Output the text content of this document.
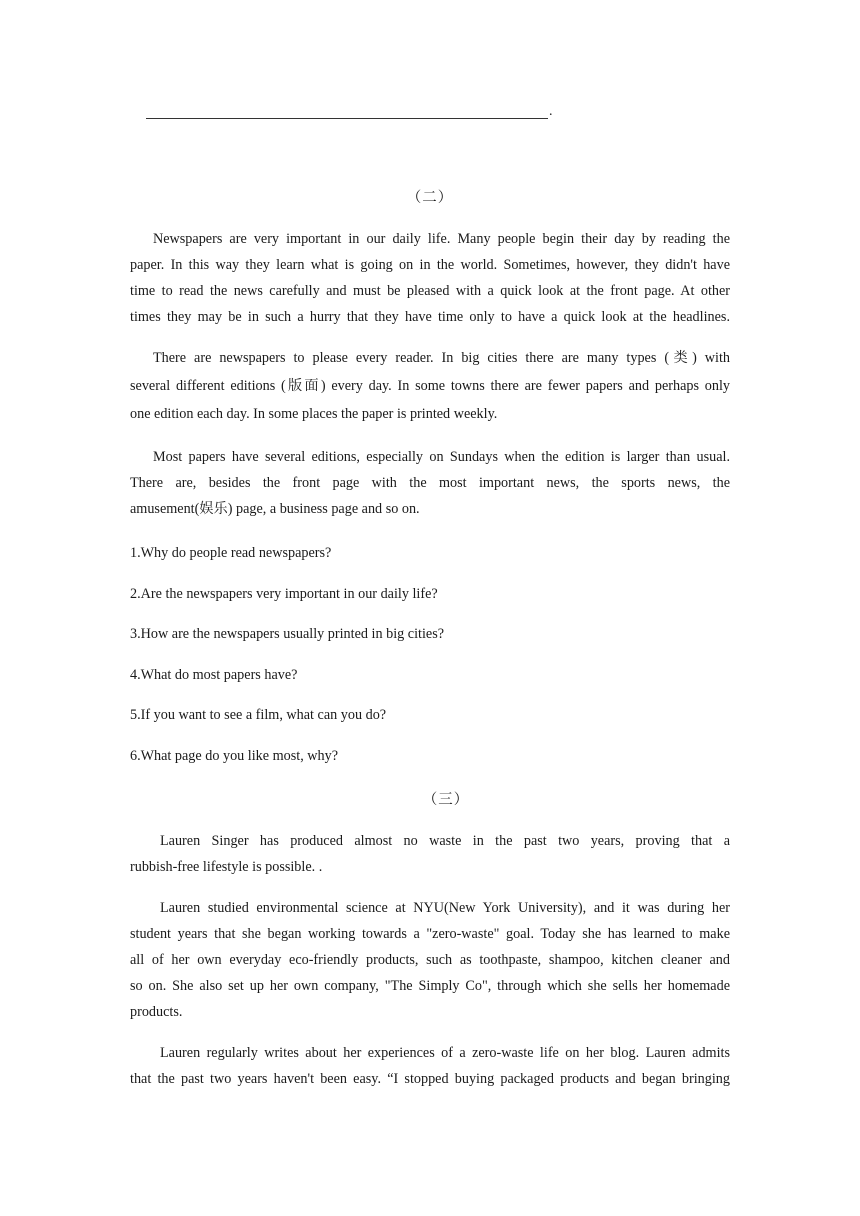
.
（二）
Newspapers are very important in our daily life. Many people begin their day by reading the
paper. In this way they learn what is going on in the world. Sometimes, however, they didn't have
time to read the news carefully and must be pleased with a quick look at the front page. At other
times they may be in such a hurry that they have time only to have a quick look at the headlines.
There are newspapers to please every reader. In big cities there are many types (类) with
several different editions (版面) every day. In some towns there are fewer papers and perhaps only
one edition each day. In some places the paper is printed weekly.
Most papers have several editions, especially on Sundays when the edition is larger than usual.
There are, besides the front page with the most important news, the sports news, the
amusement(娱乐) page, a business page and so on.

1.Why do people read newspapers?

2.Are the newspapers very important in our daily life?

3.How are the newspapers usually printed in big cities?

4.What do most papers have?

5.If you want to see a film, what can you do?

6.What page do you like most, why?

（三）
Lauren Singer has produced almost no waste in the past two years, proving that a
rubbish-free lifestyle is possible. .
Lauren studied environmental science at NYU(New York University), and it was during her
student years that she began working towards a "zero-waste" goal. Today she has learned to make
all of her own everyday eco-friendly products, such as toothpaste, shampoo, kitchen cleaner and
so on. She also set up her own company, "The Simply Co", through which she sells her homemade
products.
Lauren regularly writes about her experiences of a zero-waste life on her blog. Lauren admits
that the past two years haven't been easy. “I stopped buying packaged products and began bringing
